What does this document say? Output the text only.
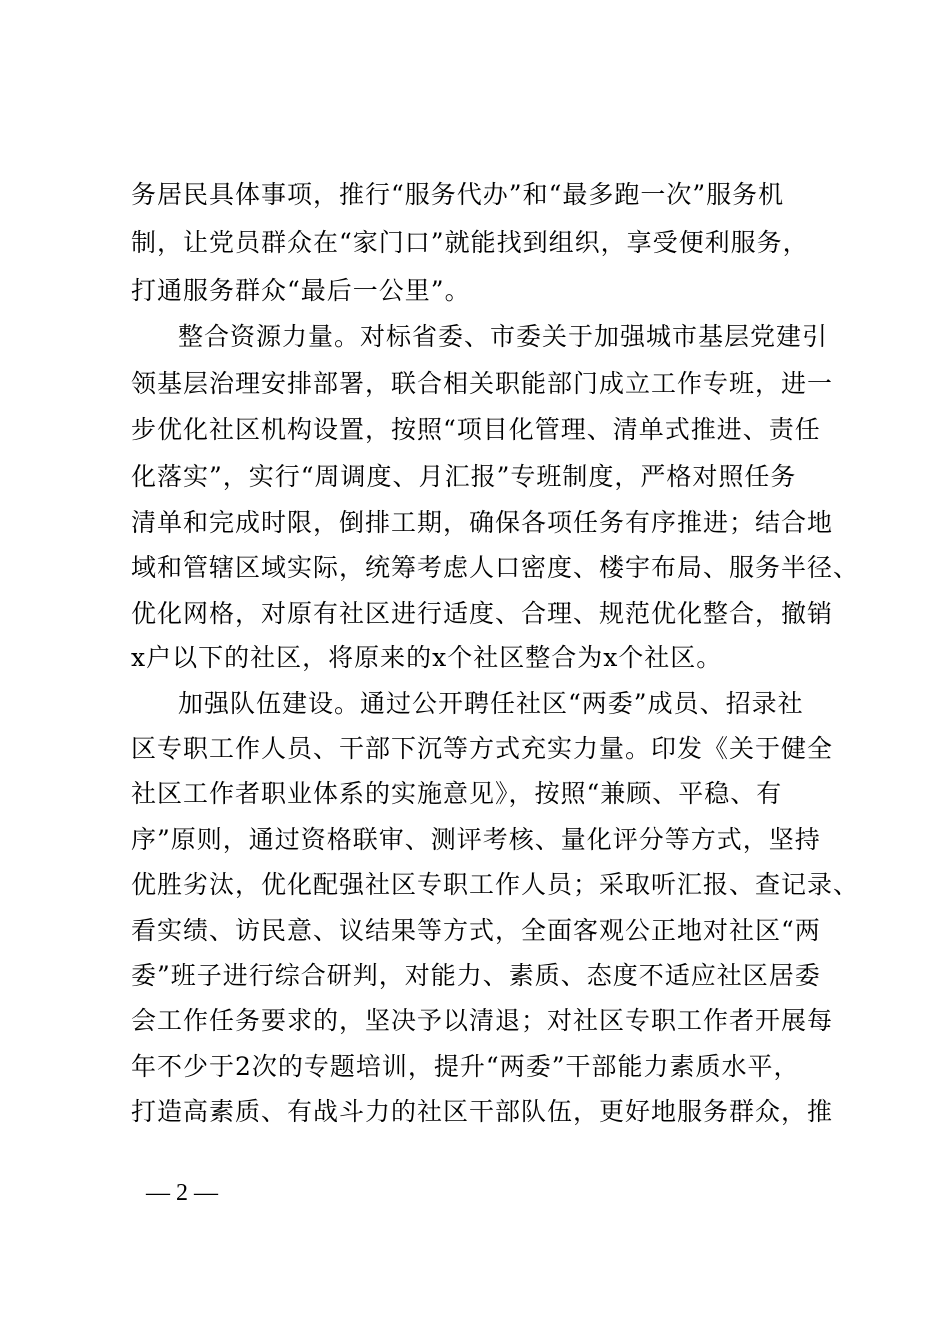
务居民具体事项，推行“服务代办”和“最多跑一次”服务机
制，让党员群众在“家门口”就能找到组织，享受便利服务，
打通服务群众“最后一公里”。
整合资源力量。对标省委、市委关于加强城市基层党建引
领基层治理安排部署，联合相关职能部门成立工作专班，进一
步优化社区机构设置，按照“项目化管理、清单式推进、责任
化落实”，实行“周调度、月汇报”专班制度，严格对照任务
清单和完成时限，倒排工期，确保各项任务有序推进；结合地
域和管辖区域实际，统筹考虑人口密度、楼宇布局、服务半径、
优化网格，对原有社区进行适度、合理、规范优化整合，撤销
x户以下的社区，将原来的x个社区整合为x个社区。
加强队伍建设。通过公开聘任社区“两委”成员、招录社
区专职工作人员、干部下沉等方式充实力量。印发《关于健全
社区工作者职业体系的实施意见》，按照“兼顾、平稳、有
序”原则，通过资格联审、测评考核、量化评分等方式，坚持
优胜劣汰，优化配强社区专职工作人员；采取听汇报、查记录、
看实绩、访民意、议结果等方式，全面客观公正地对社区“两
委”班子进行综合研判，对能力、素质、态度不适应社区居委
会工作任务要求的，坚决予以清退；对社区专职工作者开展每
年不少于2次的专题培训，提升“两委”干部能力素质水平，
打造高素质、有战斗力的社区干部队伍，更好地服务群众，推
— 2 —
